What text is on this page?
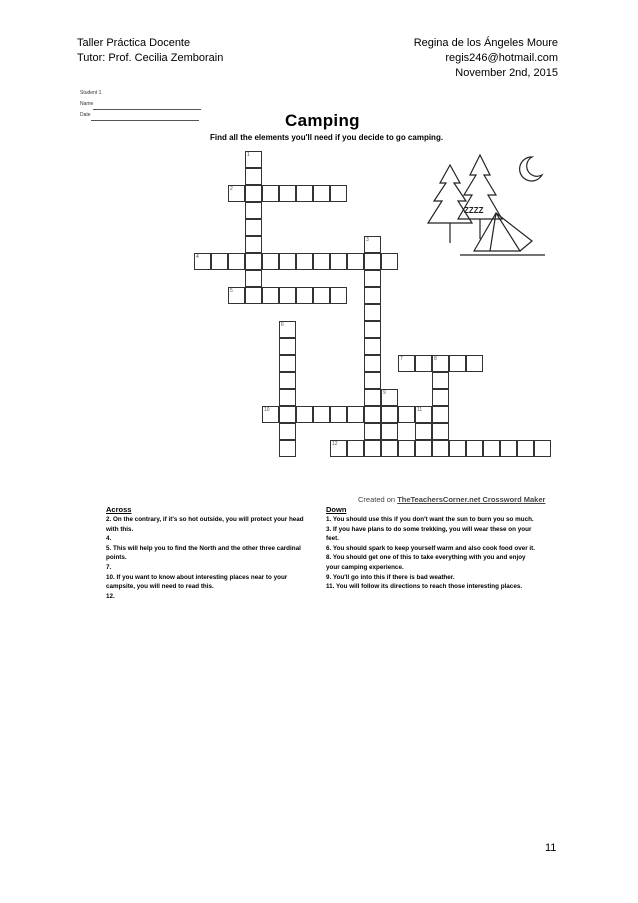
Taller Práctica Docente
Tutor: Prof. Cecilia Zemborain
Regina de los Ángeles Moure
regis246@hotmail.com
November 2nd, 2015
Student 1
Name
Date	Camping
Find all the elements you'll need if you decide to go camping.
1
2
3
4
5
6
7	8
9
10	11
12
ZZZZ
Created on TheTeachersCorner.net Crossword Maker
Across

2. On the contrary, if it's so hot outside, you will protect your head with this.

4.

5. This will help you to find the North and the other three cardinal points.

7.

10. If you want to know about interesting places near to your campsite, you will need to read this.

12.

Down

1. You should use this if you don't want the sun to burn you so much.

3. If you have plans to do some trekking, you will wear these on your feet.

6. You should spark to keep yourself warm and also cook food over it.

8. You should get one of this to take everything with you and enjoy your camping experience.

9. You'll go into this if there is bad weather.

11. You will follow its directions to reach those interesting places.

11
